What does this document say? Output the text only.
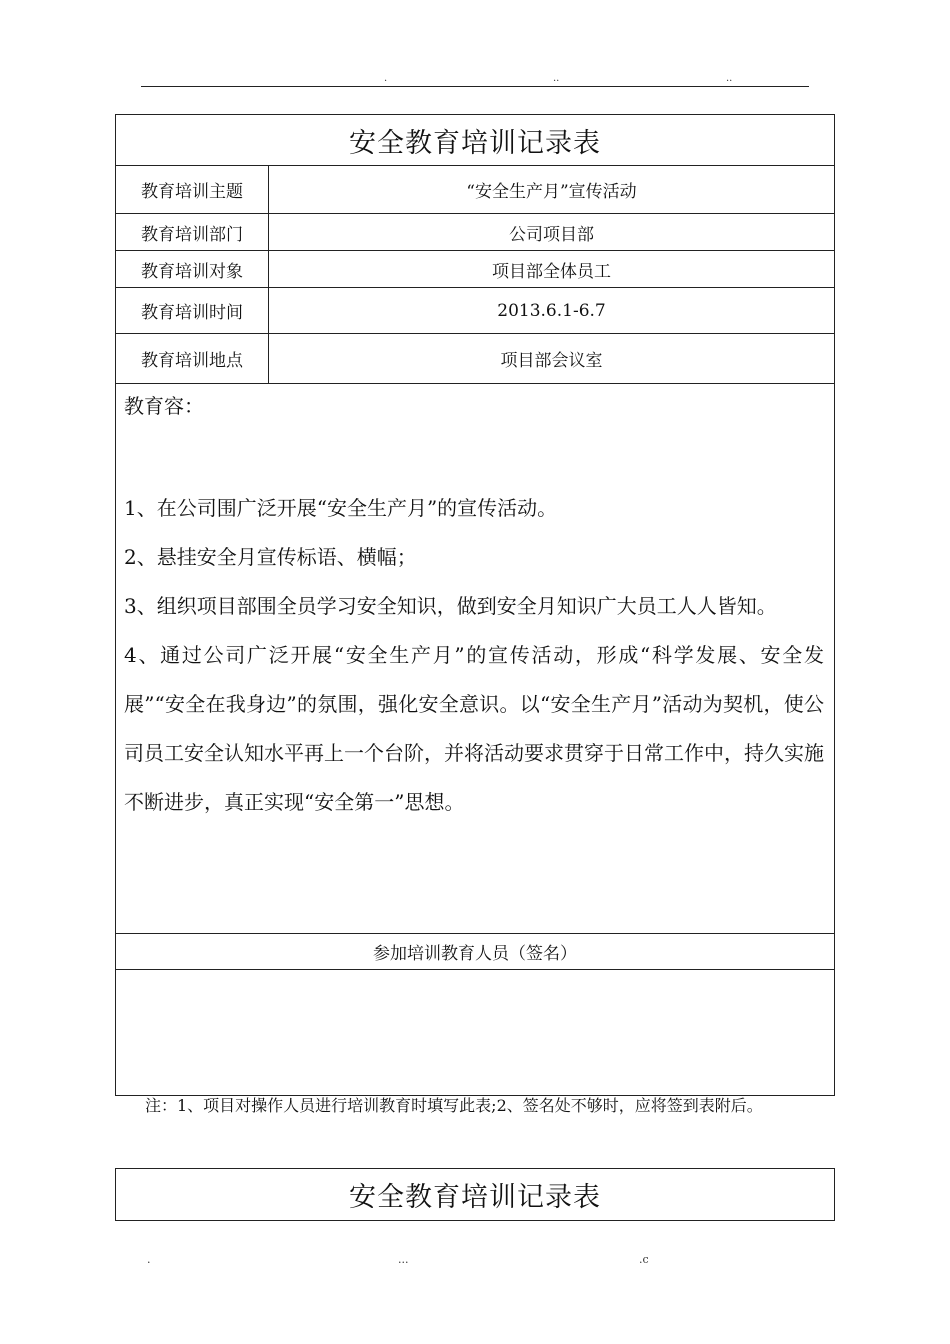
.	..	..
安全教育培训记录表	
教育培训主题	“安全生产月”宣传活动
教育培训部门	公司项目部
教育培训对象	项目部全体员工
教育培训时间	2013.6.1-6.7
教育培训地点	项目部会议室

教育容：

1、在公司围广泛开展“安全生产月”的宣传活动。

2、悬挂安全月宣传标语、横幅；

3、组织项目部围全员学习安全知识，做到安全月知识广大员工人人皆知。

4、通过公司广泛开展“安全生产月”的宣传活动，形成“科学发展、安全发展”“安全在我身边”的氛围，强化安全意识。以“安全生产月”活动为契机，使公司员工安全认知水平再上一个台阶，并将活动要求贯穿于日常工作中，持久实施不断进步，真正实现“安全第一”思想。	

参加培训教育人员（签名）	

注：1、项目对操作人员进行培训教育时填写此表;2、签名处不够时，应将签到表附后。
安全教育培训记录表
.	...	.c
